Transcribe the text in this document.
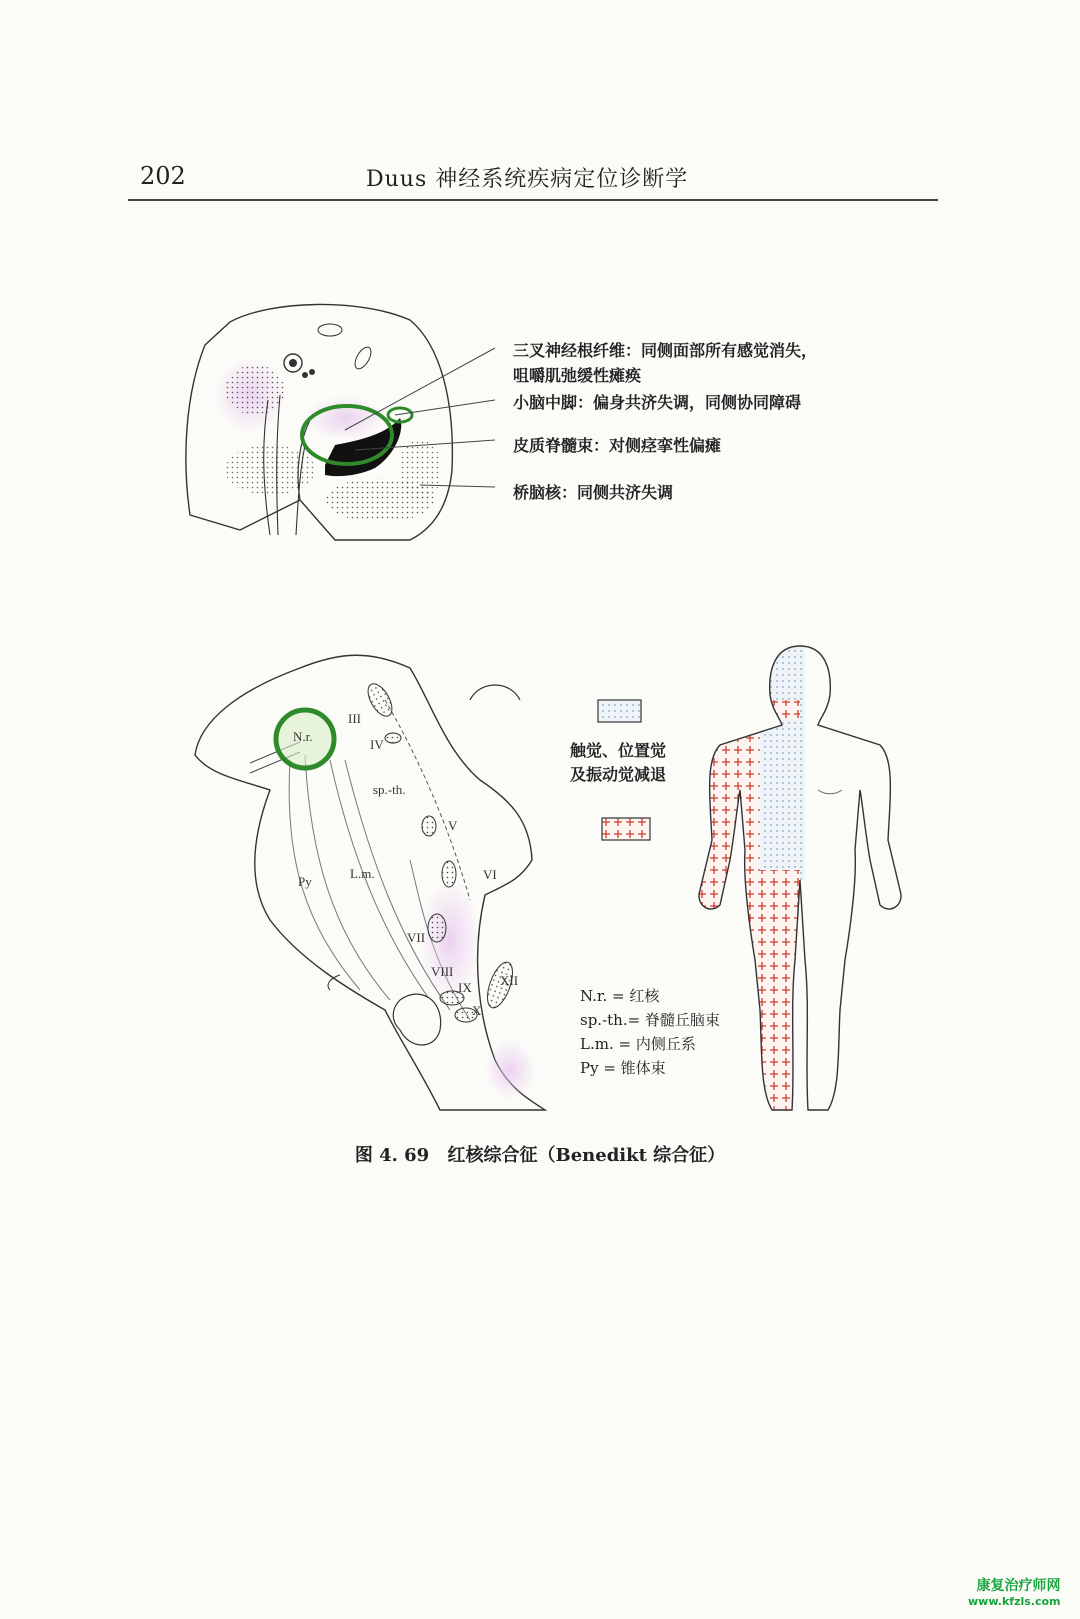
202	Duus 神经系统疾病定位诊断学
三叉神经根纤维：同侧面部所有感觉消失，
咀嚼肌弛缓性瘫痪
小脑中脚：偏身共济失调，同侧协同障碍
皮质脊髓束：对侧痉挛性偏瘫
桥脑核：同侧共济失调
N.r.
III
IV
sp.-th.
V
VI
Py
L.m.
VII
VIII
IX
X
XII
触觉、位置觉
及振动觉减退
N.r. = 红核
sp.-th.= 脊髓丘脑束
L.m. = 内侧丘系
Py = 锥体束
图 4. 69 红核综合征（Benedikt 综合征）
康复治疗师网
www.kfzls.com
